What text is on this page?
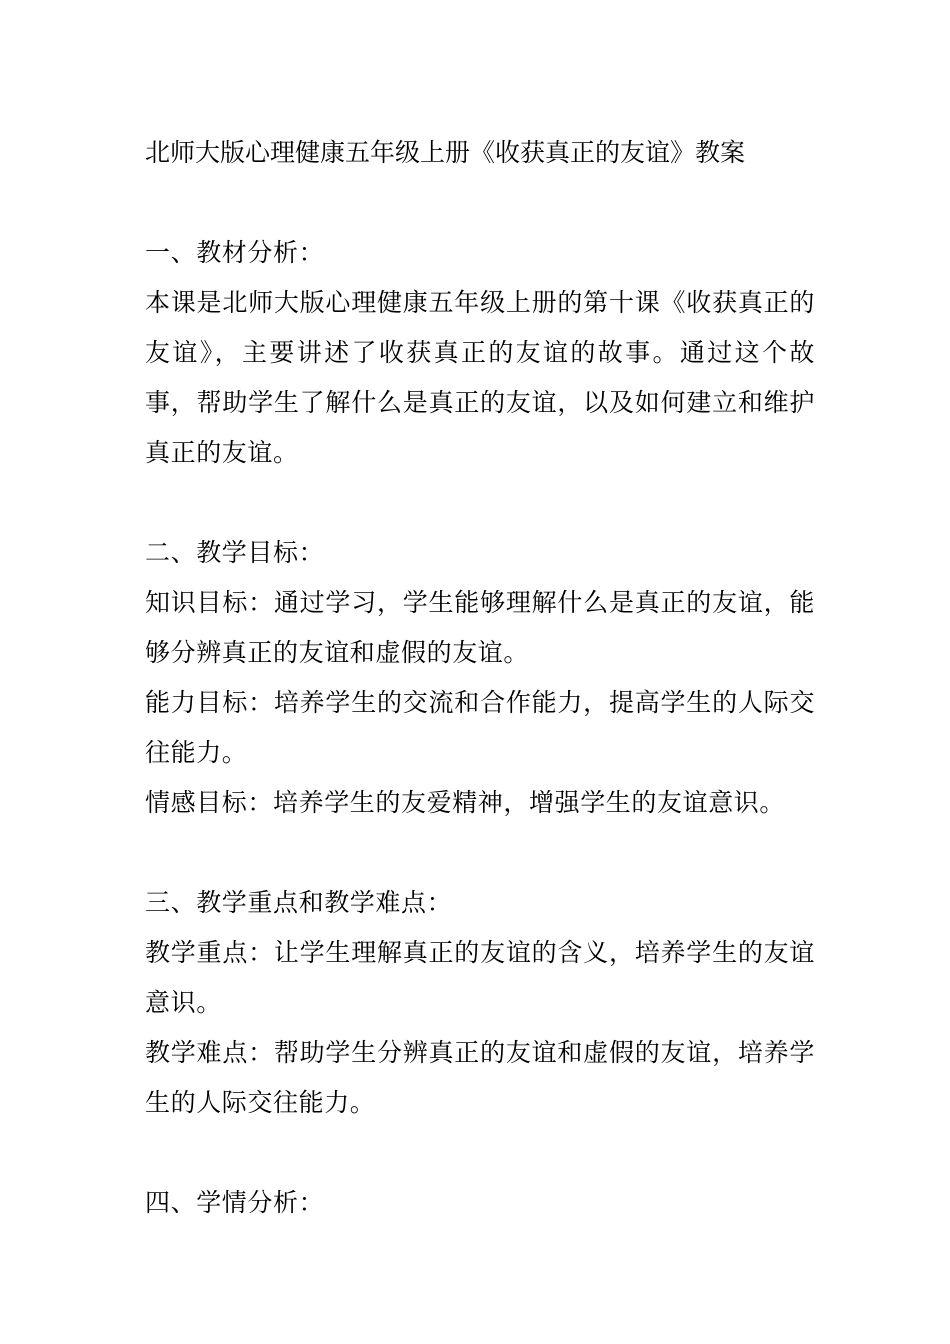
北师大版心理健康五年级上册《收获真正的友谊》教案

一、教材分析：

本课是北师大版心理健康五年级上册的第十课《收获真正的友谊》，主要讲述了收获真正的友谊的故事。通过这个故事，帮助学生了解什么是真正的友谊，以及如何建立和维护真正的友谊。

二、教学目标：

知识目标：通过学习，学生能够理解什么是真正的友谊，能够分辨真正的友谊和虚假的友谊。

能力目标：培养学生的交流和合作能力，提高学生的人际交往能力。

情感目标：培养学生的友爱精神，增强学生的友谊意识。

三、教学重点和教学难点：

教学重点：让学生理解真正的友谊的含义，培养学生的友谊意识。

教学难点：帮助学生分辨真正的友谊和虚假的友谊，培养学生的人际交往能力。

四、学情分析：
